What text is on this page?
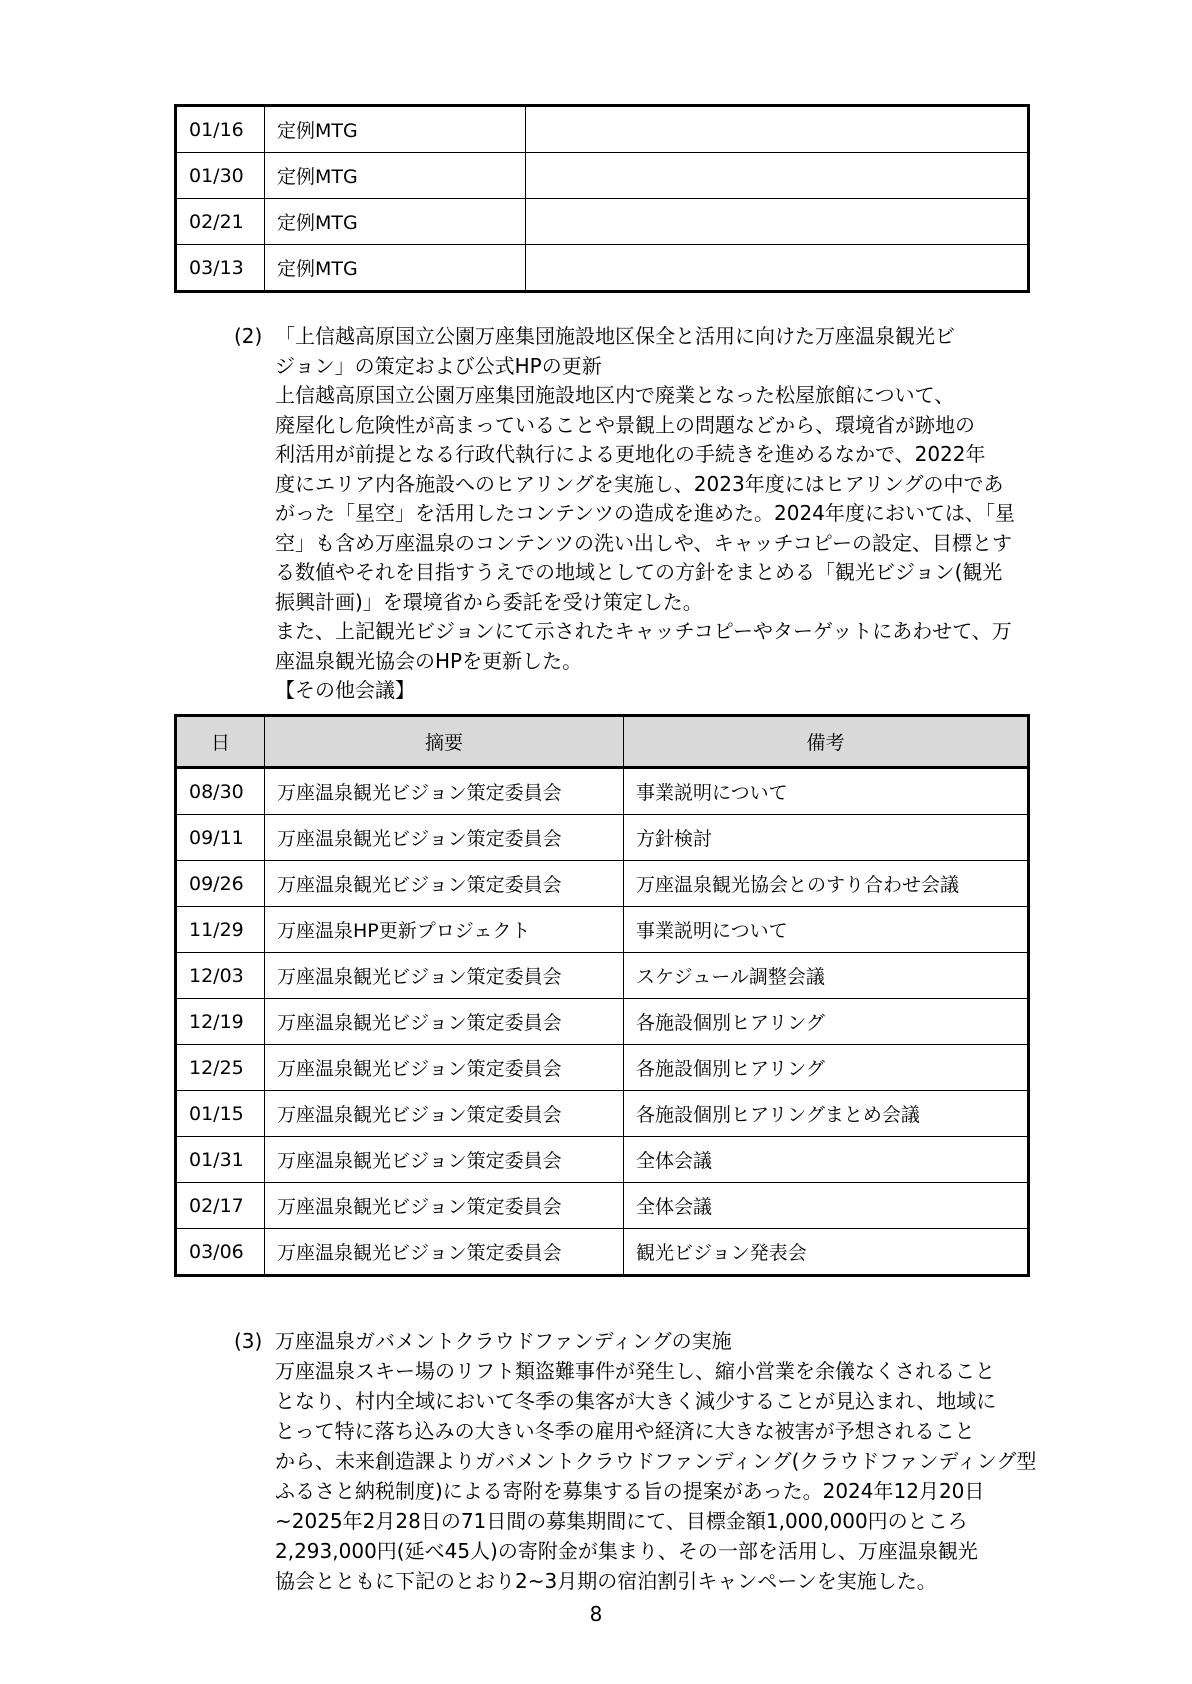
01/16	定例MTG	
01/30	定例MTG	
02/21	定例MTG	
03/13	定例MTG	
(2) 「上信越高原国立公園万座集団施設地区保全と活用に向けた万座温泉観光ビ
ジョン」の策定および公式HPの更新
上信越高原国立公園万座集団施設地区内で廃業となった松屋旅館について、
廃屋化し危険性が高まっていることや景観上の問題などから、環境省が跡地の
利活用が前提となる行政代執行による更地化の手続きを進めるなかで、2022年
度にエリア内各施設へのヒアリングを実施し、2023年度にはヒアリングの中であ
がった「星空」を活用したコンテンツの造成を進めた。2024年度においては、「星
空」も含め万座温泉のコンテンツの洗い出しや、キャッチコピーの設定、目標とす
る数値やそれを目指すうえでの地域としての方針をまとめる「観光ビジョン(観光
振興計画)」を環境省から委託を受け策定した。
また、上記観光ビジョンにて示されたキャッチコピーやターゲットにあわせて、万
座温泉観光協会のHPを更新した。
【その他会議】
日	摘要	備考
08/30	万座温泉観光ビジョン策定委員会	事業説明について
09/11	万座温泉観光ビジョン策定委員会	方針検討
09/26	万座温泉観光ビジョン策定委員会	万座温泉観光協会とのすり合わせ会議
11/29	万座温泉HP更新プロジェクト	事業説明について
12/03	万座温泉観光ビジョン策定委員会	スケジュール調整会議
12/19	万座温泉観光ビジョン策定委員会	各施設個別ヒアリング
12/25	万座温泉観光ビジョン策定委員会	各施設個別ヒアリング
01/15	万座温泉観光ビジョン策定委員会	各施設個別ヒアリングまとめ会議
01/31	万座温泉観光ビジョン策定委員会	全体会議
02/17	万座温泉観光ビジョン策定委員会	全体会議
03/06	万座温泉観光ビジョン策定委員会	観光ビジョン発表会
(3) 万座温泉ガバメントクラウドファンディングの実施
万座温泉スキー場のリフト類盗難事件が発生し、縮小営業を余儀なくされること
となり、村内全域において冬季の集客が大きく減少することが見込まれ、地域に
とって特に落ち込みの大きい冬季の雇用や経済に大きな被害が予想されること
から、未来創造課よりガバメントクラウドファンディング(クラウドファンディング型
ふるさと納税制度)による寄附を募集する旨の提案があった。2024年12月20日
~2025年2月28日の71日間の募集期間にて、目標金額1,000,000円のところ
2,293,000円(延べ45人)の寄附金が集まり、その一部を活用し、万座温泉観光
協会とともに下記のとおり2~3月期の宿泊割引キャンペーンを実施した。
8
